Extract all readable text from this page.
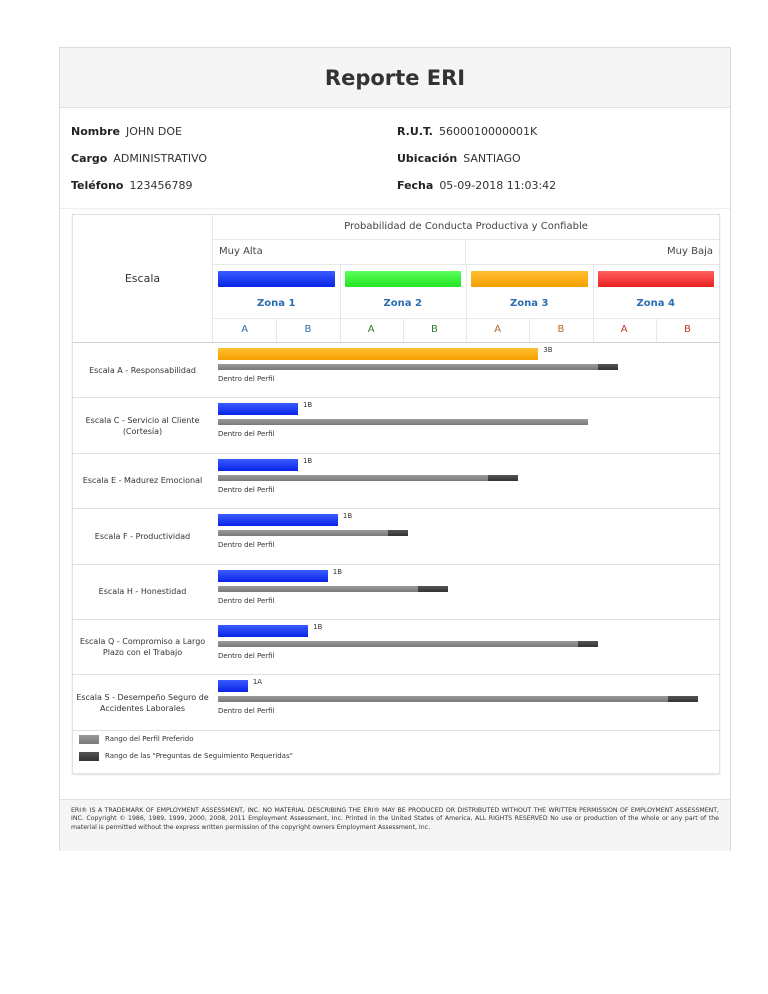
Reporte ERI
Nombre JOHN DOE	R.U.T. 5600010000001K
Cargo ADMINISTRATIVO	Ubicación SANTIAGO
Teléfono 123456789	Fecha 05-09-2018 11:03:42
Escala
Probabilidad de Conducta Productiva y Confiable
Muy Alta	Muy Baja
Zona 1	Zona 2	Zona 3	Zona 4
A	B	A	B	A	B	A	B
Escala A - Responsabilidad
3B
Dentro del Perfil
Escala C - Servicio al Cliente (Cortesía)
1B
Dentro del Perfil
Escala E - Madurez Emocional
1B
Dentro del Perfil
Escala F - Productividad
1B
Dentro del Perfil
Escala H - Honestidad
1B
Dentro del Perfil
Escala Q - Compromiso a Largo Plazo con el Trabajo
1B
Dentro del Perfil
Escala S - Desempeño Seguro de Accidentes Laborales
1A
Dentro del Perfil
Rango del Perfil Preferido
Rango de las "Preguntas de Seguimiento Requeridas"

ERI® IS A TRADEMARK OF EMPLOYMENT ASSESSMENT, INC. NO MATERIAL DESCRIBING THE ERI® MAY BE PRODUCED OR DISTRIBUTED WITHOUT THE WRITTEN PERMISSION OF EMPLOYMENT ASSESSMENT, INC. Copyright © 1986, 1989, 1999, 2000, 2008, 2011 Employment Assessment, Inc. Printed in the United States of America, ALL RIGHTS RESERVED No use or production of the whole or any part of the material is permitted without the express written permission of the copyright owners Employment Assessment, Inc.
